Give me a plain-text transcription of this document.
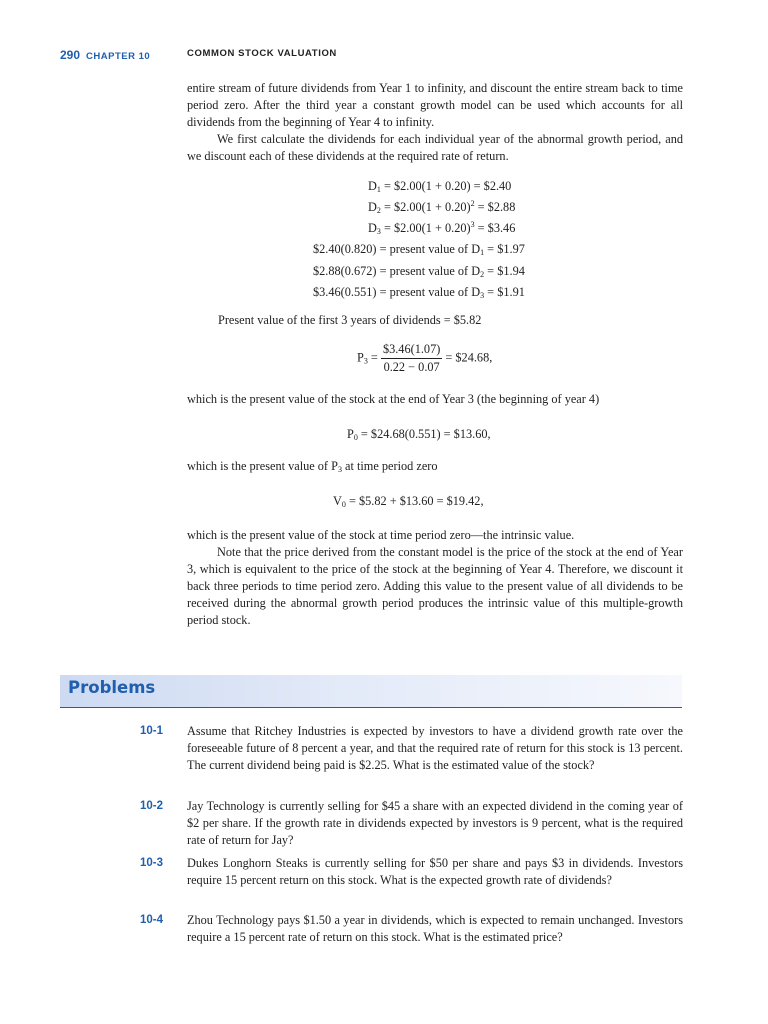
290 CHAPTER 10	COMMON STOCK VALUATION

entire stream of future dividends from Year 1 to infinity, and discount the entire stream back to time period zero. After the third year a constant growth model can be used which accounts for all dividends from the beginning of Year 4 to infinity.

We first calculate the dividends for each individual year of the abnormal growth period, and we discount each of these dividends at the required rate of return.

$D_1$ = $2.00(1 + 0.20) = $2.40
$D_2$ = $2.00(1 + 0.20)$^2$ = $2.88
$D_3$ = $2.00(1 + 0.20)$^3$ = $3.46
$2.40(0.820) = present value of $D_1$ = $1.97
$2.88(0.672) = present value of $D_2$ = $1.94
$3.46(0.551) = present value of $D_3$ = $1.91
Present value of the first 3 years of dividends = $5.82
$P_3 = \frac{\$3.46(1.07)}{0.22 - 0.07}$ = $24.68,
which is the present value of the stock at the end of Year 3 (the beginning of year 4)
$P_0$ = $24.68(0.551) = $13.60,
which is the present value of $P_3$ at time period zero
$V_0$ = $5.82 + $13.60 = $19.42,

which is the present value of the stock at time period zero—the intrinsic value.

Note that the price derived from the constant model is the price of the stock at the end of Year 3, which is equivalent to the price of the stock at the beginning of Year 4. Therefore, we discount it back three periods to time period zero. Adding this value to the present value of all dividends to be received during the abnormal growth period produces the intrinsic value of this multiple-growth period stock.

Problems
10-1 Assume that Ritchey Industries is expected by investors to have a dividend growth rate over the foreseeable future of 8 percent a year, and that the required rate of return for this stock is 13 percent. The current dividend being paid is $2.25. What is the estimated value of the stock?
10-2 Jay Technology is currently selling for $45 a share with an expected dividend in the coming year of $2 per share. If the growth rate in dividends expected by investors is 9 percent, what is the required rate of return for Jay?
10-3 Dukes Longhorn Steaks is currently selling for $50 per share and pays $3 in dividends. Investors require 15 percent return on this stock. What is the expected growth rate of dividends?
10-4 Zhou Technology pays $1.50 a year in dividends, which is expected to remain unchanged. Investors require a 15 percent rate of return on this stock. What is the estimated price?
